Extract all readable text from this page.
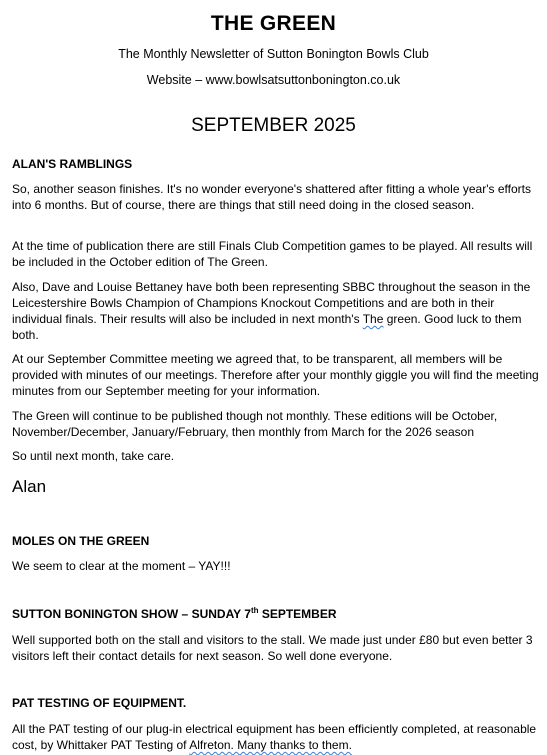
THE GREEN
The Monthly Newsletter of Sutton Bonington Bowls Club
Website – www.bowlsatsuttonbonington.co.uk
SEPTEMBER 2025
ALAN'S RAMBLINGS

So, another season finishes. It's no wonder everyone's shattered after fitting a whole year's efforts into 6 months. But of course, there are things that still need doing in the closed season.

At the time of publication there are still Finals Club Competition games to be played. All results will be included in the October edition of The Green.

Also, Dave and Louise Bettaney have both been representing SBBC throughout the season in the Leicestershire Bowls Champion of Champions Knockout Competitions and are both in their individual finals. Their results will also be included in next month's The green. Good luck to them both.

At our September Committee meeting we agreed that, to be transparent, all members will be provided with minutes of our meetings. Therefore after your monthly giggle you will find the meeting minutes from our September meeting for your information.

The Green will continue to be published though not monthly. These editions will be October, November/December, January/February, then monthly from March for the 2026 season

So until next month, take care.

Alan
MOLES ON THE GREEN

We seem to clear at the moment – YAY!!!

SUTTON BONINGTON SHOW – SUNDAY 7th SEPTEMBER

Well supported both on the stall and visitors to the stall. We made just under £80 but even better 3 visitors left their contact details for next season. So well done everyone.

PAT TESTING OF EQUIPMENT.

All the PAT testing of our plug-in electrical equipment has been efficiently completed, at reasonable cost, by Whittaker PAT Testing of Alfreton. Many thanks to them.
